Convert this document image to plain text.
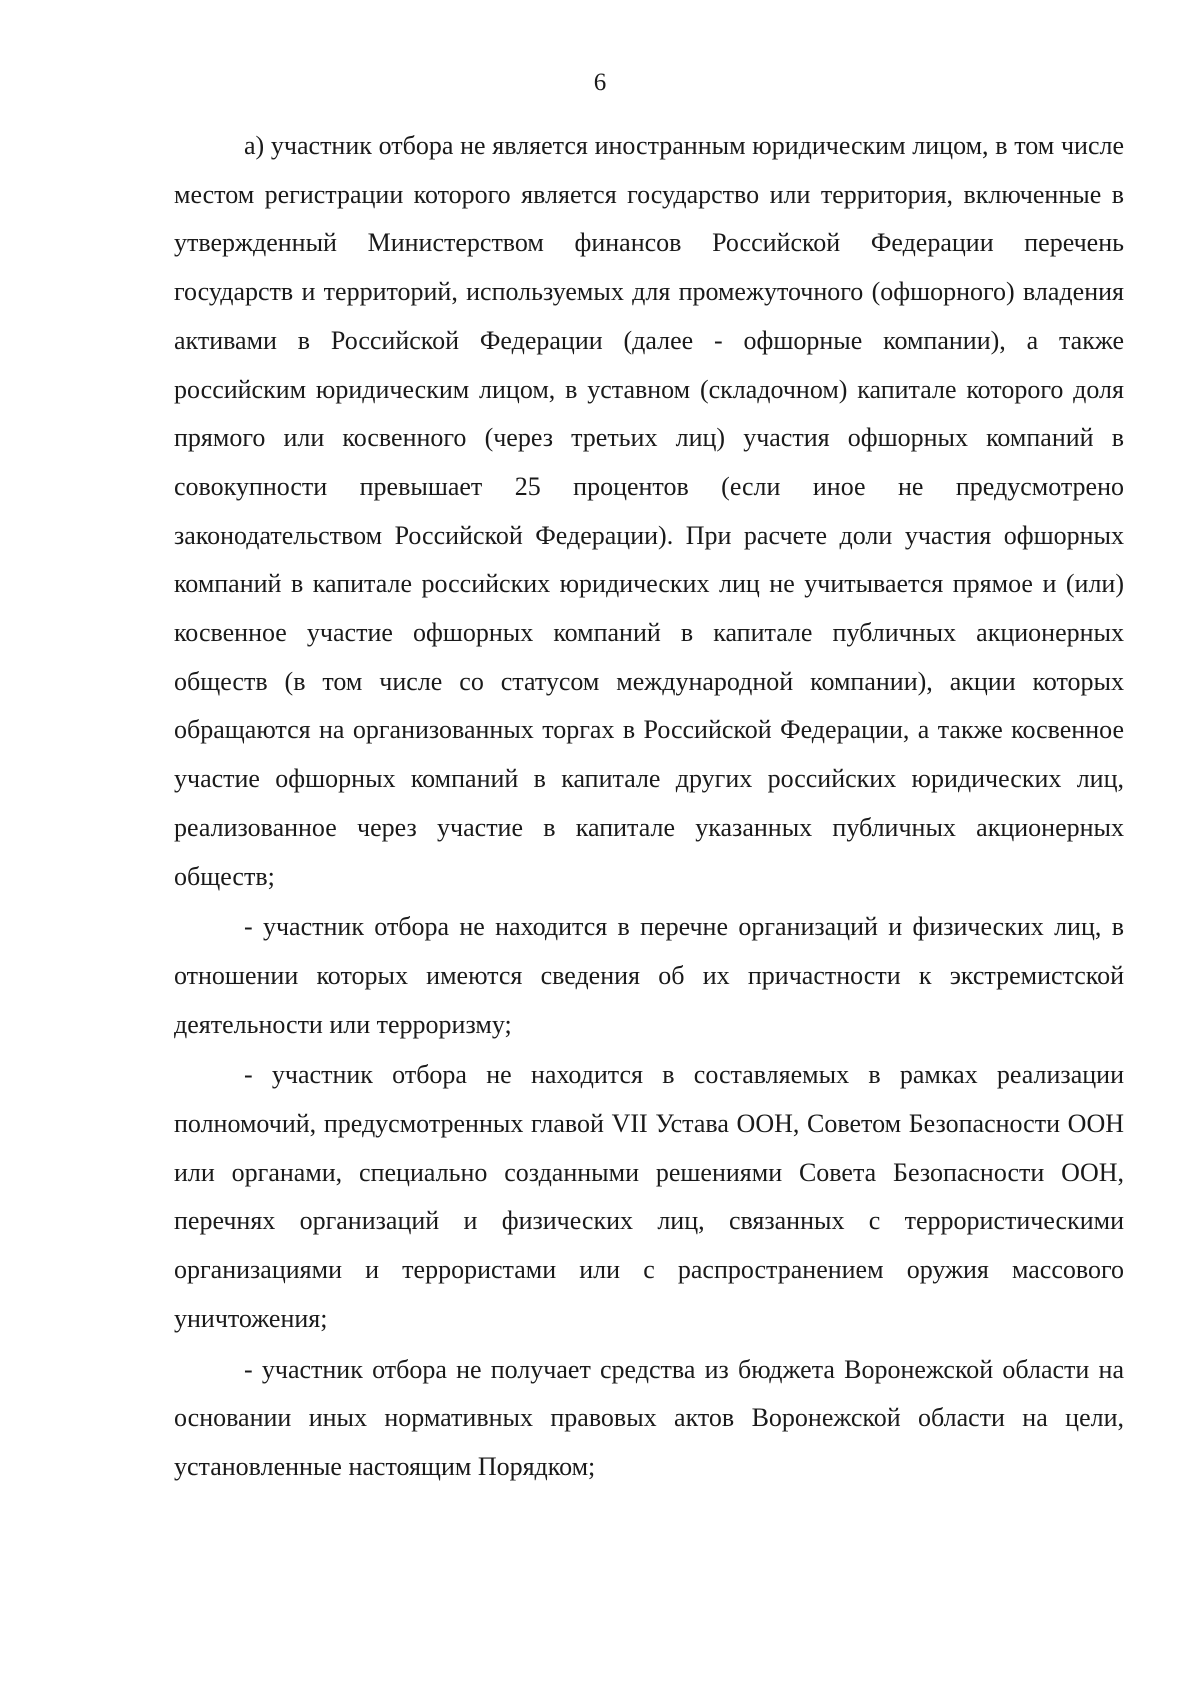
6

а) участник отбора не является иностранным юридическим лицом, в том числе местом регистрации которого является государство или территория, включенные в утвержденный Министерством финансов Российской Федерации перечень государств и территорий, используемых для промежуточного (офшорного) владения активами в Российской Федерации (далее - офшорные компании), а также российским юридическим лицом, в уставном (складочном) капитале которого доля прямого или косвенного (через третьих лиц) участия офшорных компаний в совокупности превышает 25 процентов (если иное не предусмотрено законодательством Российской Федерации). При расчете доли участия офшорных компаний в капитале российских юридических лиц не учитывается прямое и (или) косвенное участие офшорных компаний в капитале публичных акционерных обществ (в том числе со статусом международной компании), акции которых обращаются на организованных торгах в Российской Федерации, а также косвенное участие офшорных компаний в капитале других российских юридических лиц, реализованное через участие в капитале указанных публичных акционерных обществ;

- участник отбора не находится в перечне организаций и физических лиц, в отношении которых имеются сведения об их причастности к экстремистской деятельности или терроризму;

- участник отбора не находится в составляемых в рамках реализации полномочий, предусмотренных главой VII Устава ООН, Советом Безопасности ООН или органами, специально созданными решениями Совета Безопасности ООН, перечнях организаций и физических лиц, связанных с террористическими организациями и террористами или с распространением оружия массового уничтожения;

- участник отбора не получает средства из бюджета Воронежской области на основании иных нормативных правовых актов Воронежской области на цели, установленные настоящим Порядком;
